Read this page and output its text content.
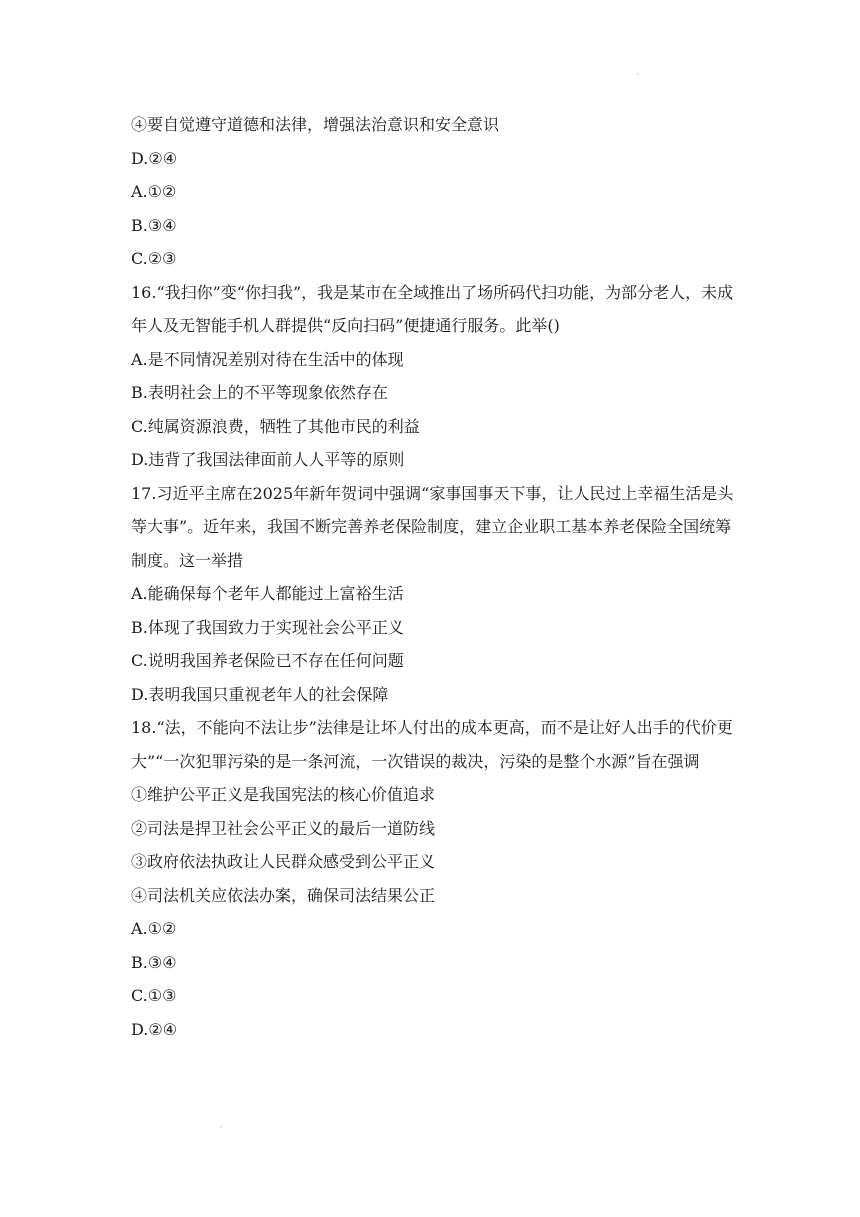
④要自觉遵守道德和法律，增强法治意识和安全意识

D.②④

A.①②

B.③④

C.②③

16.“我扫你”变“你扫我”，我是某市在全域推出了场所码代扫功能，为部分老人，未成年人及无智能手机人群提供“反向扫码”便捷通行服务。此举()

A.是不同情况差别对待在生活中的体现

B.表明社会上的不平等现象依然存在

C.纯属资源浪费，牺牲了其他市民的利益

D.违背了我国法律面前人人平等的原则

17.习近平主席在2025年新年贺词中强调“家事国事天下事，让人民过上幸福生活是头等大事”。近年来，我国不断完善养老保险制度，建立企业职工基本养老保险全国统筹制度。这一举措

A.能确保每个老年人都能过上富裕生活

B.体现了我国致力于实现社会公平正义

C.说明我国养老保险已不存在任何问题

D.表明我国只重视老年人的社会保障

18.“法，不能向不法让步”法律是让坏人付出的成本更高，而不是让好人出手的代价更大”“一次犯罪污染的是一条河流，一次错误的裁决，污染的是整个水源”旨在强调

①维护公平正义是我国宪法的核心价值追求

②司法是捍卫社会公平正义的最后一道防线

③政府依法执政让人民群众感受到公平正义

④司法机关应依法办案，确保司法结果公正

A.①②

B.③④

C.①③

D.②④
